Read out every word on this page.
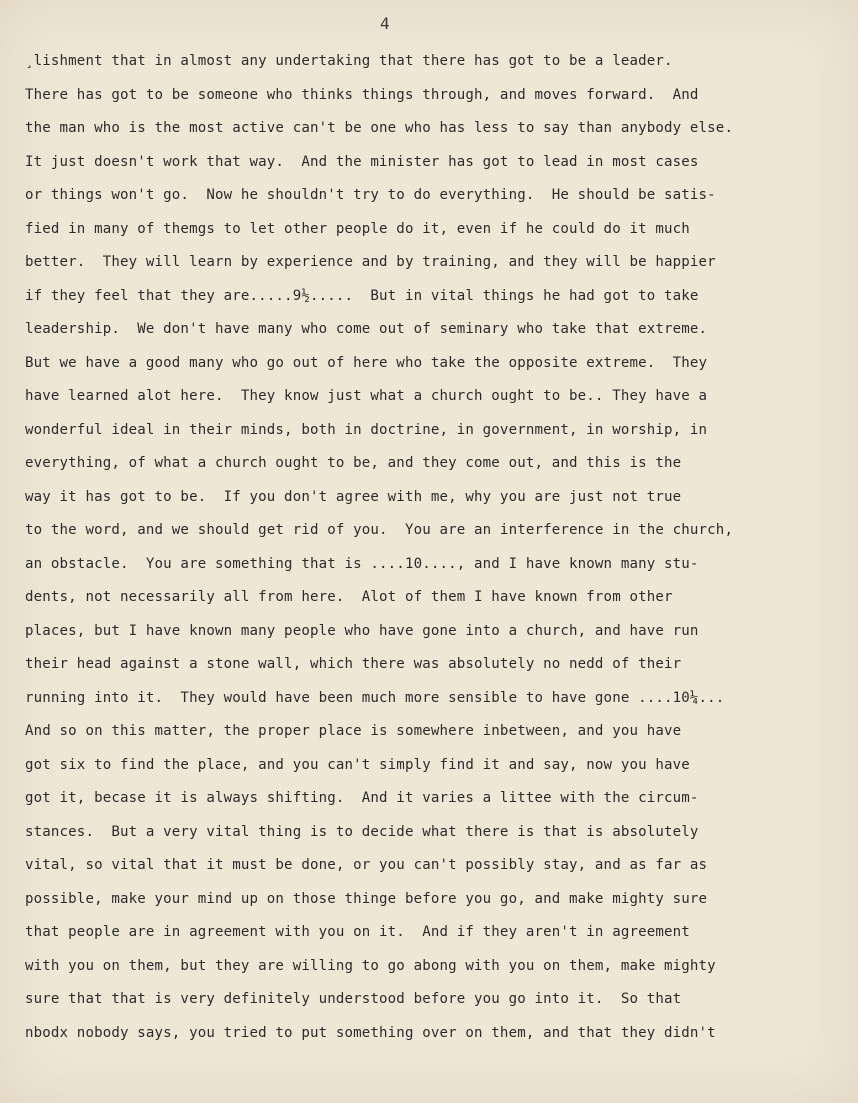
4
¸lishment that in almost any undertaking that there has got to be a leader.
There has got to be someone who thinks things through, and moves forward.  And
the man who is the most active can't be one who has less to say than anybody else.
It just doesn't work that way.  And the minister has got to lead in most cases
or things won't go.  Now he shouldn't try to do everything.  He should be satis-
fied in many of themgs to let other people do it, even if he could do it much
better.  They will learn by experience and by training, and they will be happier
if they feel that they are.....9½.....  But in vital things he had got to take
leadership.  We don't have many who come out of seminary who take that extreme.
But we have a good many who go out of here who take the opposite extreme.  They
have learned alot here.  They know just what a church ought to be.. They have a
wonderful ideal in their minds, both in doctrine, in government, in worship, in
everything, of what a church ought to be, and they come out, and this is the
way it has got to be.  If you don't agree with me, why you are just not true
to the word, and we should get rid of you.  You are an interference in the church,
an obstacle.  You are something that is ....10...., and I have known many stu-
dents, not necessarily all from here.  Alot of them I have known from other
places, but I have known many people who have gone into a church, and have run
their head against a stone wall, which there was absolutely no nedd of their
running into it.  They would have been much more sensible to have gone ....10¼...
And so on this matter, the proper place is somewhere inbetween, and you have
got six to find the place, and you can't simply find it and say, now you have
got it, becase it is always shifting.  And it varies a littee with the circum-
stances.  But a very vital thing is to decide what there is that is absolutely
vital, so vital that it must be done, or you can't possibly stay, and as far as
possible, make your mind up on those thinge before you go, and make mighty sure
that people are in agreement with you on it.  And if they aren't in agreement
with you on them, but they are willing to go abong with you on them, make mighty
sure that that is very definitely understood before you go into it.  So that
nbodx nobody says, you tried to put something over on them, and that they didn't
